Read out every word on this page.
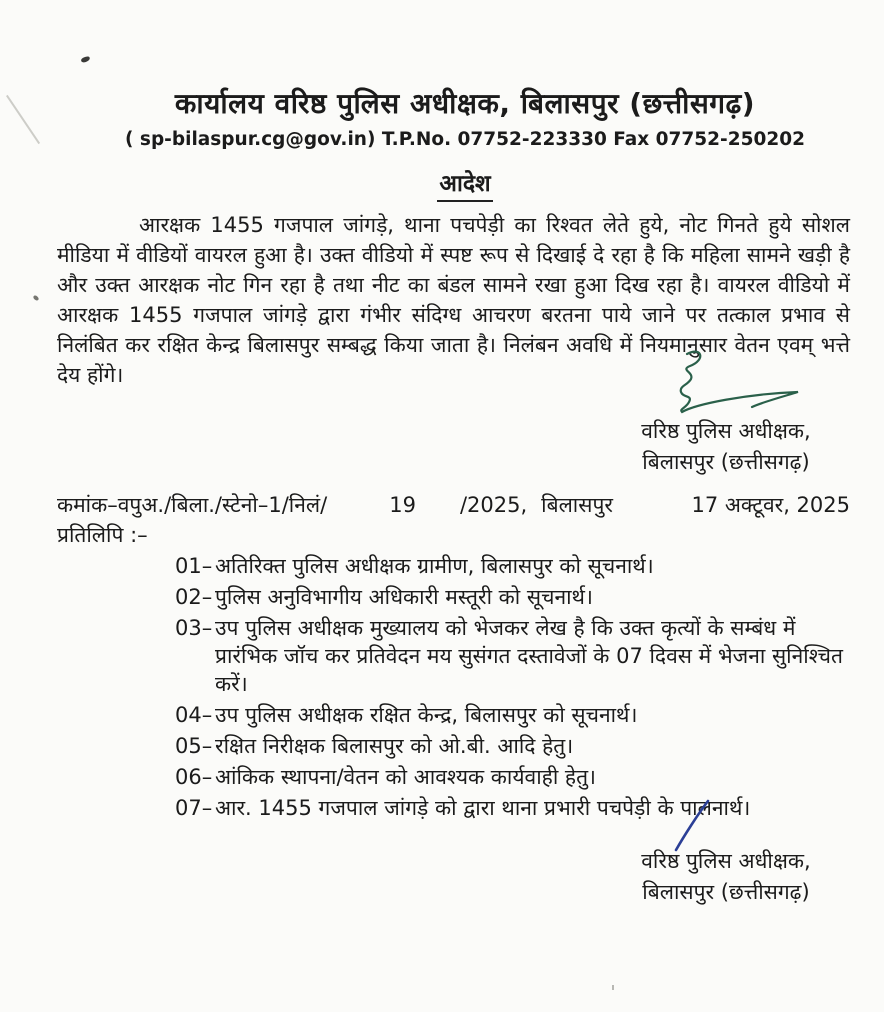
कार्यालय वरिष्ठ पुलिस अधीक्षक, बिलासपुर (छत्तीसगढ़)
( sp-bilaspur.cg@gov.in) T.P.No. 07752-223330 Fax 07752-250202
आदेश

आरक्षक 1455 गजपाल जांगड़े, थाना पचपेड़ी का रिश्वत लेते हुये, नोट गिनते हुये सोशल मीडिया में वीडियों वायरल हुआ है। उक्त वीडियो में स्पष्ट रूप से दिखाई दे रहा है कि महिला सामने खड़ी है और उक्त आरक्षक नोट गिन रहा है तथा नीट का बंडल सामने रखा हुआ दिख रहा है। वायरल वीडियो में आरक्षक 1455 गजपाल जांगड़े द्वारा गंभीर संदिग्ध आचरण बरतना पाये जाने पर तत्काल प्रभाव से निलंबित कर रक्षित केन्द्र बिलासपुर सम्बद्ध किया जाता है। निलंबन अवधि में नियमानुसार वेतन एवम् भत्ते देय होंगे।

वरिष्ठ पुलिस अधीक्षक,
बिलासपुर (छत्तीसगढ़)
कमांक–वपुअ./बिला./स्टेनो–1/निलं/	19 /2025, बिलासपुर	17 अक्टूवर, 2025
प्रतिलिपि :–
01– अतिरिक्त पुलिस अधीक्षक ग्रामीण, बिलासपुर को सूचनार्थ।
02– पुलिस अनुविभागीय अधिकारी मस्तूरी को सूचनार्थ।
03– उप पुलिस अधीक्षक मुख्यालय को भेजकर लेख है कि उक्त कृत्यों के सम्बंध में प्रारंभिक जॉच कर प्रतिवेदन मय सुसंगत दस्तावेजों के 07 दिवस में भेजना सुनिश्चित करें।
04– उप पुलिस अधीक्षक रक्षित केन्द्र, बिलासपुर को सूचनार्थ।
05– रक्षित निरीक्षक बिलासपुर को ओ.बी. आदि हेतु।
06– आंकिक स्थापना/वेतन को आवश्यक कार्यवाही हेतु।
07– आर. 1455 गजपाल जांगड़े को द्वारा थाना प्रभारी पचपेड़ी के पालनार्थ।
वरिष्ठ पुलिस अधीक्षक,
बिलासपुर (छत्तीसगढ़)
